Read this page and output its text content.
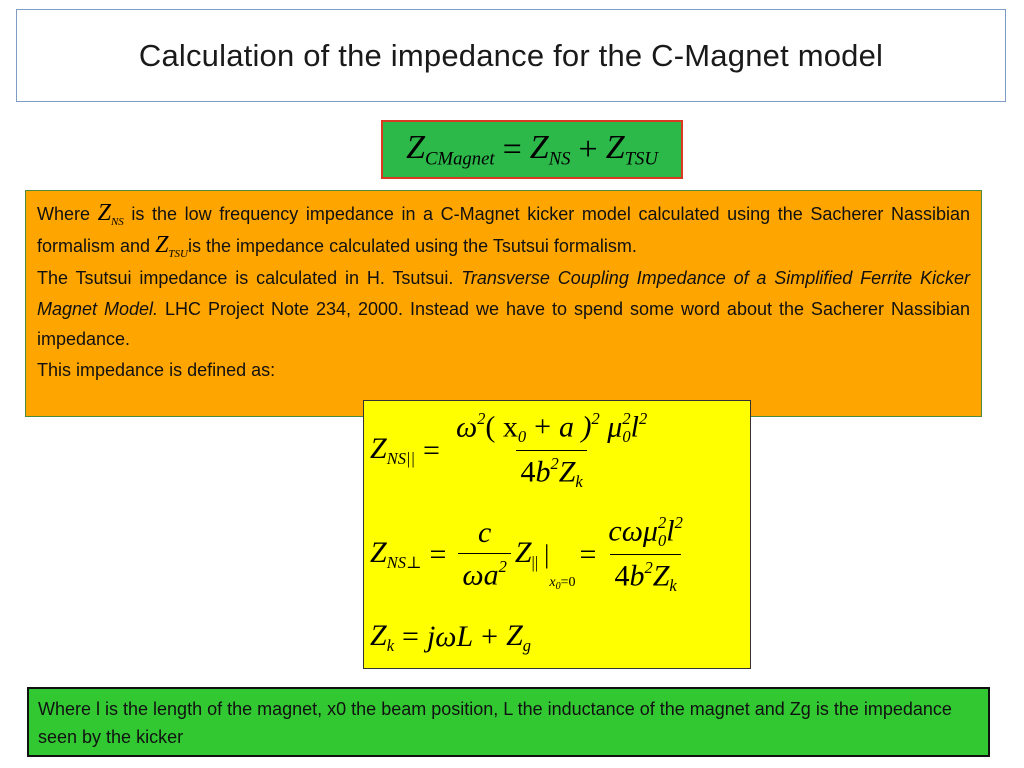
Calculation of the impedance for the C-Magnet model
$Z_{CMagnet} = Z_{NS} + Z_{TSU}$

Where $Z_{NS}$ is the low frequency impedance in a C-Magnet kicker model calculated using the Sacherer Nassibian formalism and $Z_{TSU}is$ the impedance calculated using the Tsutsui formalism.

The Tsutsui impedance is calculated in H. Tsutsui. Transverse Coupling Impedance of a Simplified Ferrite Kicker Magnet Model. LHC Project Note 234, 2000. Instead we have to spend some word about the Sacherer Nassibian impedance.

This impedance is defined as:

$Z_{NS||} = \frac{\omega^2( x_0 + a )^2 \mu^2_0l^2}{4b^2Z_k}$
$Z_{NS\perp} = \frac{c}{\omega a^2} Z_{||}$ |
$x_0=0$
= $\frac{c\omega\mu^2_0l^2}{4b^2Z_k}$
$Z_k = j\omega L + Z_g$
Where l is the length of the magnet, x0 the beam position, L the inductance of the magnet and Zg is the impedance seen by the kicker
